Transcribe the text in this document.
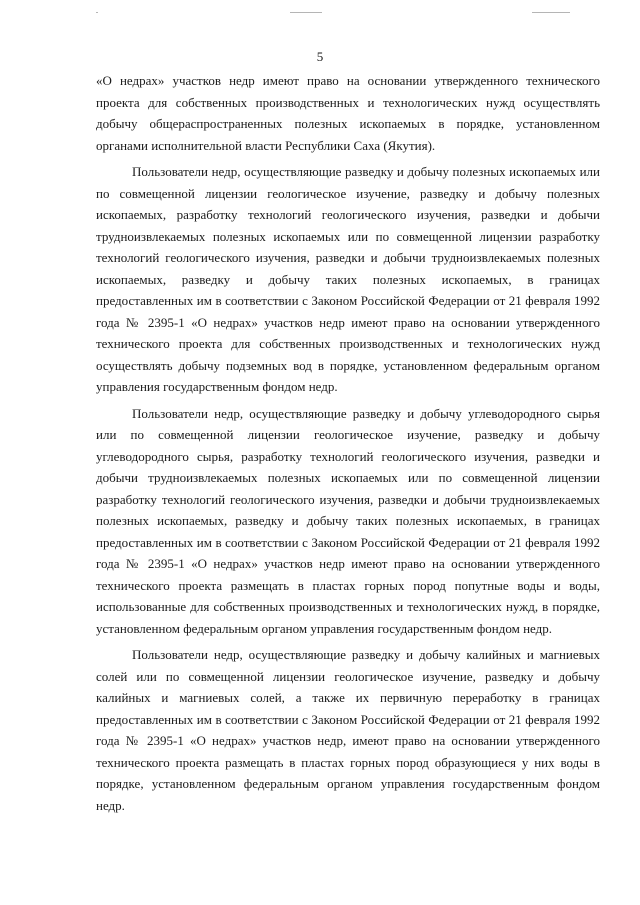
5

«О недрах» участков недр имеют право на основании утвержденного технического проекта для собственных производственных и технологических нужд осуществлять добычу общераспространенных полезных ископаемых в порядке, установленном органами исполнительной власти Республики Саха (Якутия).

Пользователи недр, осуществляющие разведку и добычу полезных ископаемых или по совмещенной лицензии геологическое изучение, разведку и добычу полезных ископаемых, разработку технологий геологического изучения, разведки и добычи трудноизвлекаемых полезных ископаемых или по совмещенной лицензии разработку технологий геологического изучения, разведки и добычи трудноизвлекаемых полезных ископаемых, разведку и добычу таких полезных ископаемых, в границах предоставленных им в соответствии с Законом Российской Федерации от 21 февраля 1992 года № 2395-1 «О недрах» участков недр имеют право на основании утвержденного технического проекта для собственных производственных и технологических нужд осуществлять добычу подземных вод в порядке, установленном федеральным органом управления государственным фондом недр.

Пользователи недр, осуществляющие разведку и добычу углеводородного сырья или по совмещенной лицензии геологическое изучение, разведку и добычу углеводородного сырья, разработку технологий геологического изучения, разведки и добычи трудноизвлекаемых полезных ископаемых или по совмещенной лицензии разработку технологий геологического изучения, разведки и добычи трудноизвлекаемых полезных ископаемых, разведку и добычу таких полезных ископаемых, в границах предоставленных им в соответствии с Законом Российской Федерации от 21 февраля 1992 года № 2395-1 «О недрах» участков недр имеют право на основании утвержденного технического проекта размещать в пластах горных пород попутные воды и воды, использованные для собственных производственных и технологических нужд, в порядке, установленном федеральным органом управления государственным фондом недр.

Пользователи недр, осуществляющие разведку и добычу калийных и магниевых солей или по совмещенной лицензии геологическое изучение, разведку и добычу калийных и магниевых солей, а также их первичную переработку в границах предоставленных им в соответствии с Законом Российской Федерации от 21 февраля 1992 года № 2395-1 «О недрах» участков недр, имеют право на основании утвержденного технического проекта размещать в пластах горных пород образующиеся у них воды в порядке, установленном федеральным органом управления государственным фондом недр.
